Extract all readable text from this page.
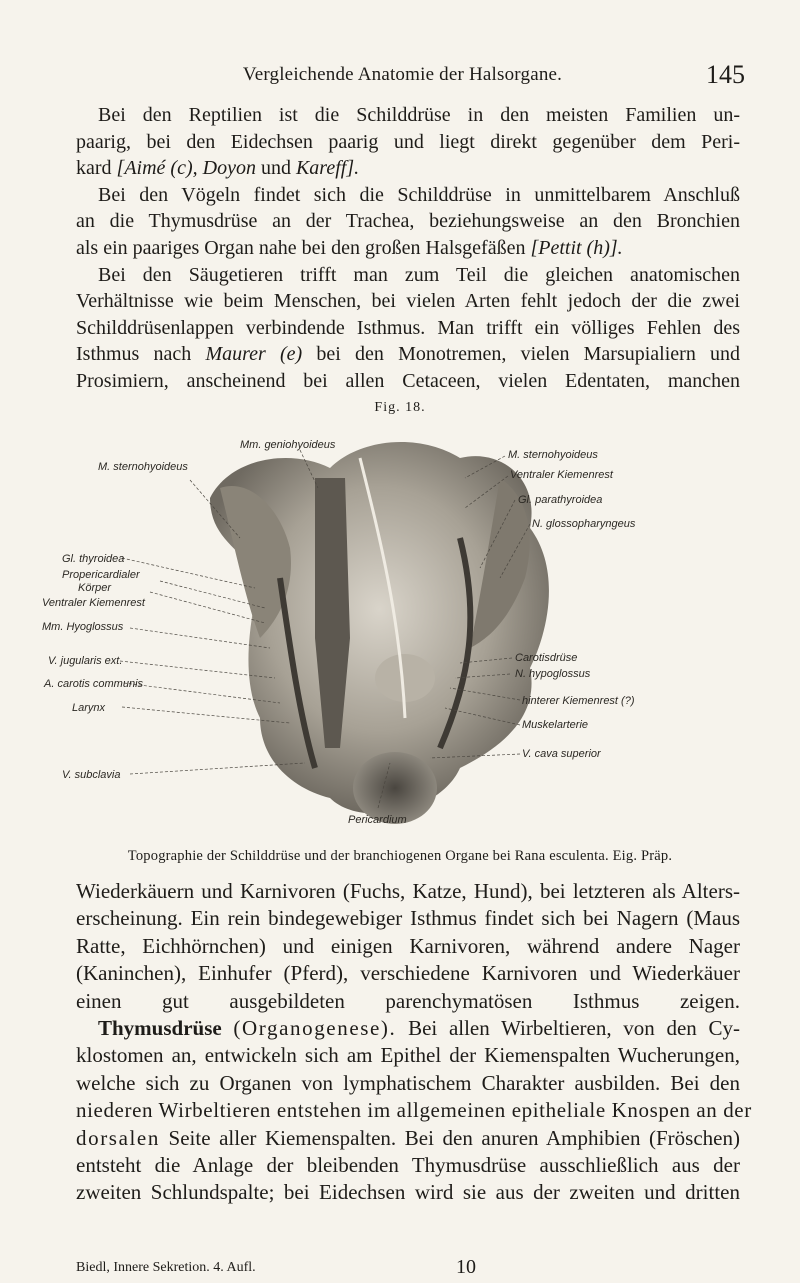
Vergleichende Anatomie der Halsorgane.	145

Bei den Reptilien ist die Schilddrüse in den meisten Familien un-
paarig, bei den Eidechsen paarig und liegt direkt gegenüber dem Peri-
kard [Aimé (c), Doyon und Kareff].
Bei den Vögeln findet sich die Schilddrüse in unmittelbarem Anschluß
an die Thymusdrüse an der Trachea, beziehungsweise an den Bronchien
als ein paariges Organ nahe bei den großen Halsgefäßen [Pettit (h)].
Bei den Säugetieren trifft man zum Teil die gleichen anatomischen
Verhältnisse wie beim Menschen, bei vielen Arten fehlt jedoch der die zwei
Schilddrüsenlappen verbindende Isthmus. Man trifft ein völliges Fehlen des
Isthmus nach Maurer (e) bei den Monotremen, vielen Marsupialiern und
Prosimiern, anscheinend bei allen Cetaceen, vielen Edentaten, manchen

Fig. 18.
Mm. geniohyoideus
M. sternohyoideus
M. sternohyoideus
Ventraler Kiemenrest
Gl. parathyroidea
N. glossopharyngeus
Gl. thyroidea
Propericardialer
Körper
Ventraler Kiemenrest
Mm. Hyoglossus
V. jugularis ext.
A. carotis communis
Larynx
Carotisdrüse
N. hypoglossus
hinterer Kiemenrest (?)
Muskelarterie
V. cava superior
V. subclavia
Pericardium
Topographie der Schilddrüse und der branchiogenen Organe bei Rana esculenta. Eig. Präp.

Wiederkäuern und Karnivoren (Fuchs, Katze, Hund), bei letzteren als Alters-
erscheinung. Ein rein bindegewebiger Isthmus findet sich bei Nagern (Maus
Ratte, Eichhörnchen) und einigen Karnivoren, während andere Nager
(Kaninchen), Einhufer (Pferd), verschiedene Karnivoren und Wiederkäuer
einen gut ausgebildeten parenchymatösen Isthmus zeigen.

Thymusdrüse (Organogenese). Bei allen Wirbeltieren, von den Cy-
klostomen an, entwickeln sich am Epithel der Kiemenspalten Wucherungen,
welche sich zu Organen von lymphatischem Charakter ausbilden. Bei den
niederen Wirbeltieren entstehen im allgemeinen epitheliale Knospen an der
dorsalen Seite aller Kiemenspalten. Bei den anuren Amphibien (Fröschen)
entsteht die Anlage der bleibenden Thymusdrüse ausschließlich aus der
zweiten Schlundspalte; bei Eidechsen wird sie aus der zweiten und dritten

Biedl, Innere Sekretion. 4. Aufl.	10
